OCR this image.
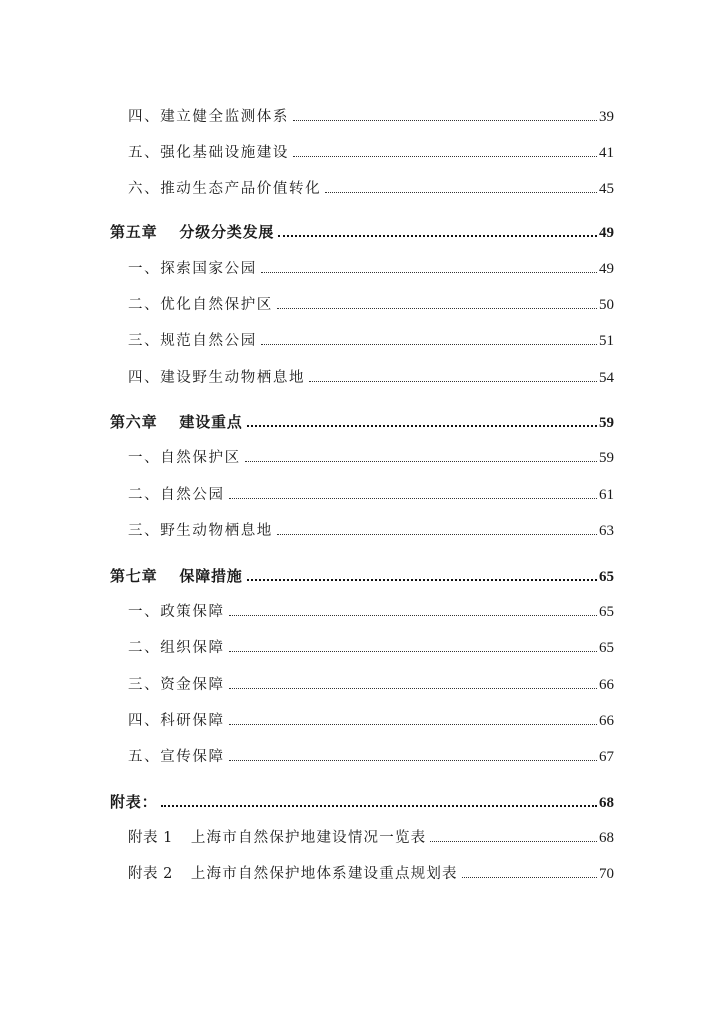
四、建立健全监测体系	39
五、强化基础设施建设	41
六、推动生态产品价值转化	45
第五章 分级分类发展	49
一、探索国家公园	49
二、优化自然保护区	50
三、规范自然公园	51
四、建设野生动物栖息地	54
第六章 建设重点	59
一、自然保护区	59
二、自然公园	61
三、野生动物栖息地	63
第七章 保障措施	65
一、政策保障	65
二、组织保障	65
三、资金保障	66
四、科研保障	66
五、宣传保障	67
附表：	68
附表 1 上海市自然保护地建设情况一览表	68
附表 2 上海市自然保护地体系建设重点规划表	70
